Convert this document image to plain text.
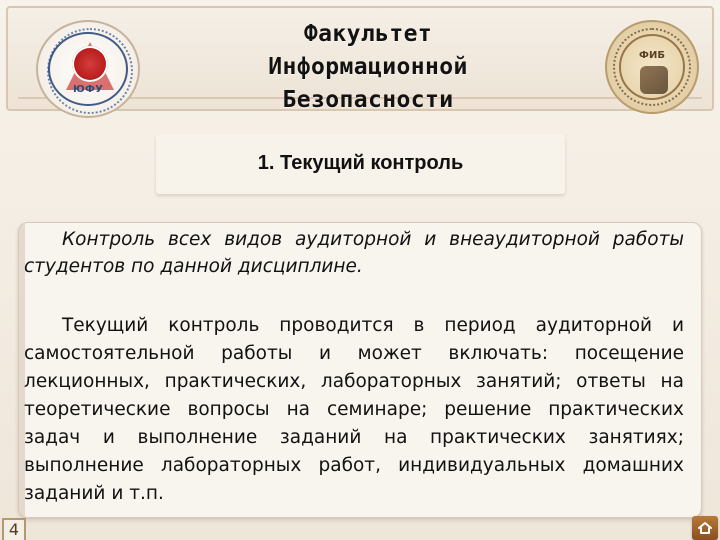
ЮФУ
Факультет
Информационной
Безопасности
ФИБ
1. Текущий контроль
Контроль всех видов аудиторной и внеаудиторной работы студентов по данной дисциплине.
Текущий контроль проводится в период аудиторной и самостоятельной работы и может включать: посещение лекционных, практических, лабораторных занятий; ответы на теоретические вопросы на семинаре; решение практических задач и выполнение заданий на практических занятиях; выполнение лабораторных работ, индивидуальных домашних заданий и т.п.
4
